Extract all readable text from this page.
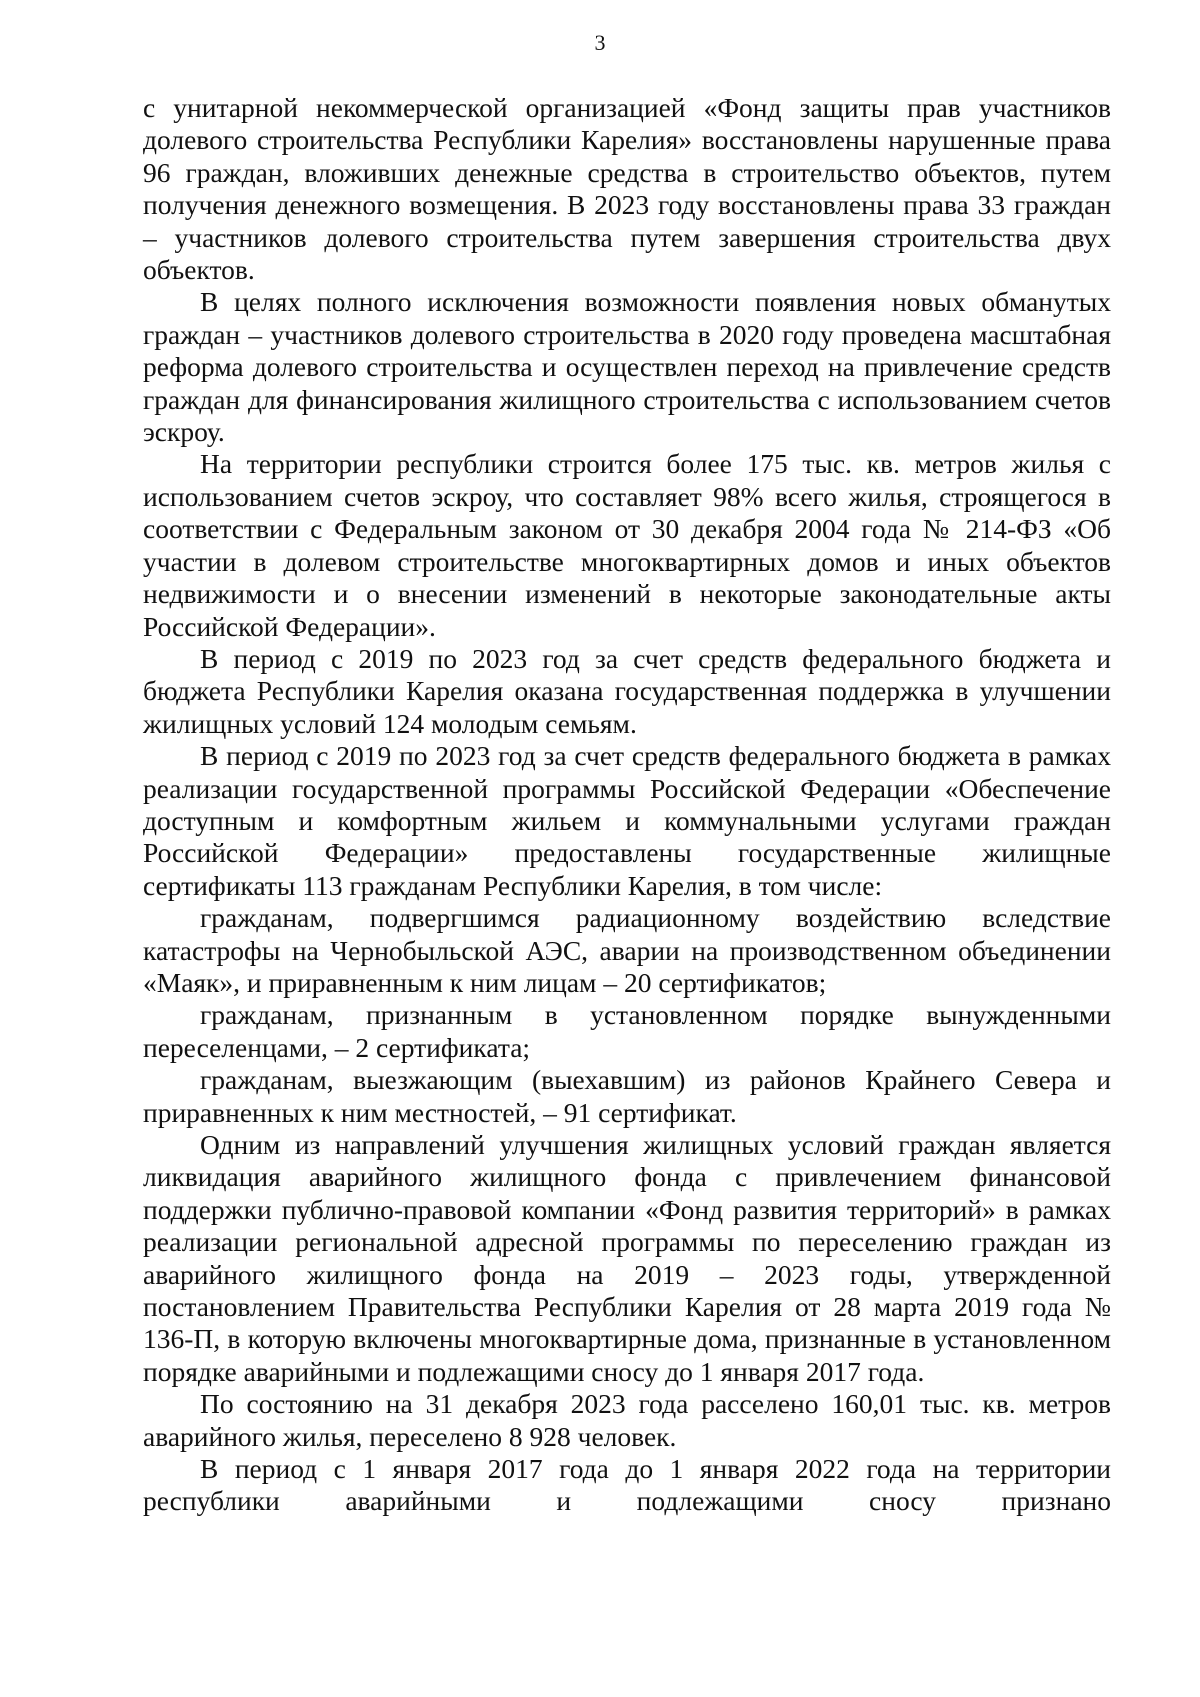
3

с унитарной некоммерческой организацией «Фонд защиты прав участников долевого строительства Республики Карелия» восстановлены нарушенные права 96 граждан, вложивших денежные средства в строительство объектов, путем получения денежного возмещения. В 2023 году восстановлены права 33 граждан – участников долевого строительства путем завершения строительства двух объектов.

В целях полного исключения возможности появления новых обманутых граждан – участников долевого строительства в 2020 году проведена масштабная реформа долевого строительства и осуществлен переход на привлечение средств граждан для финансирования жилищного строительства с использованием счетов эскроу.

На территории республики строится более 175 тыс. кв. метров жилья с использованием счетов эскроу, что составляет 98% всего жилья, строящегося в соответствии с Федеральным законом от 30 декабря 2004 года № 214-ФЗ «Об участии в долевом строительстве многоквартирных домов и иных объектов недвижимости и о внесении изменений в некоторые законодательные акты Российской Федерации».

В период с 2019 по 2023 год за счет средств федерального бюджета и бюджета Республики Карелия оказана государственная поддержка в улучшении жилищных условий 124 молодым семьям.

В период с 2019 по 2023 год за счет средств федерального бюджета в рамках реализации государственной программы Российской Федерации «Обеспечение доступным и комфортным жильем и коммунальными услугами граждан Российской Федерации» предоставлены государственные жилищные сертификаты 113 гражданам Республики Карелия, в том числе:

гражданам, подвергшимся радиационному воздействию вследствие катастрофы на Чернобыльской АЭС, аварии на производственном объединении «Маяк», и приравненным к ним лицам – 20 сертификатов;

гражданам, признанным в установленном порядке вынужденными переселенцами, – 2 сертификата;

гражданам, выезжающим (выехавшим) из районов Крайнего Севера и приравненных к ним местностей, – 91 сертификат.

Одним из направлений улучшения жилищных условий граждан является ликвидация аварийного жилищного фонда с привлечением финансовой поддержки публично-правовой компании «Фонд развития территорий» в рамках реализации региональной адресной программы по переселению граждан из аварийного жилищного фонда на 2019 – 2023 годы, утвержденной постановлением Правительства Республики Карелия от 28 марта 2019 года № 136-П, в которую включены многоквартирные дома, признанные в установленном порядке аварийными и подлежащими сносу до 1 января 2017 года.

По состоянию на 31 декабря 2023 года расселено 160,01 тыс. кв. метров аварийного жилья, переселено 8 928 человек.

В период с 1 января 2017 года до 1 января 2022 года на территории республики аварийными и подлежащими сносу признано
